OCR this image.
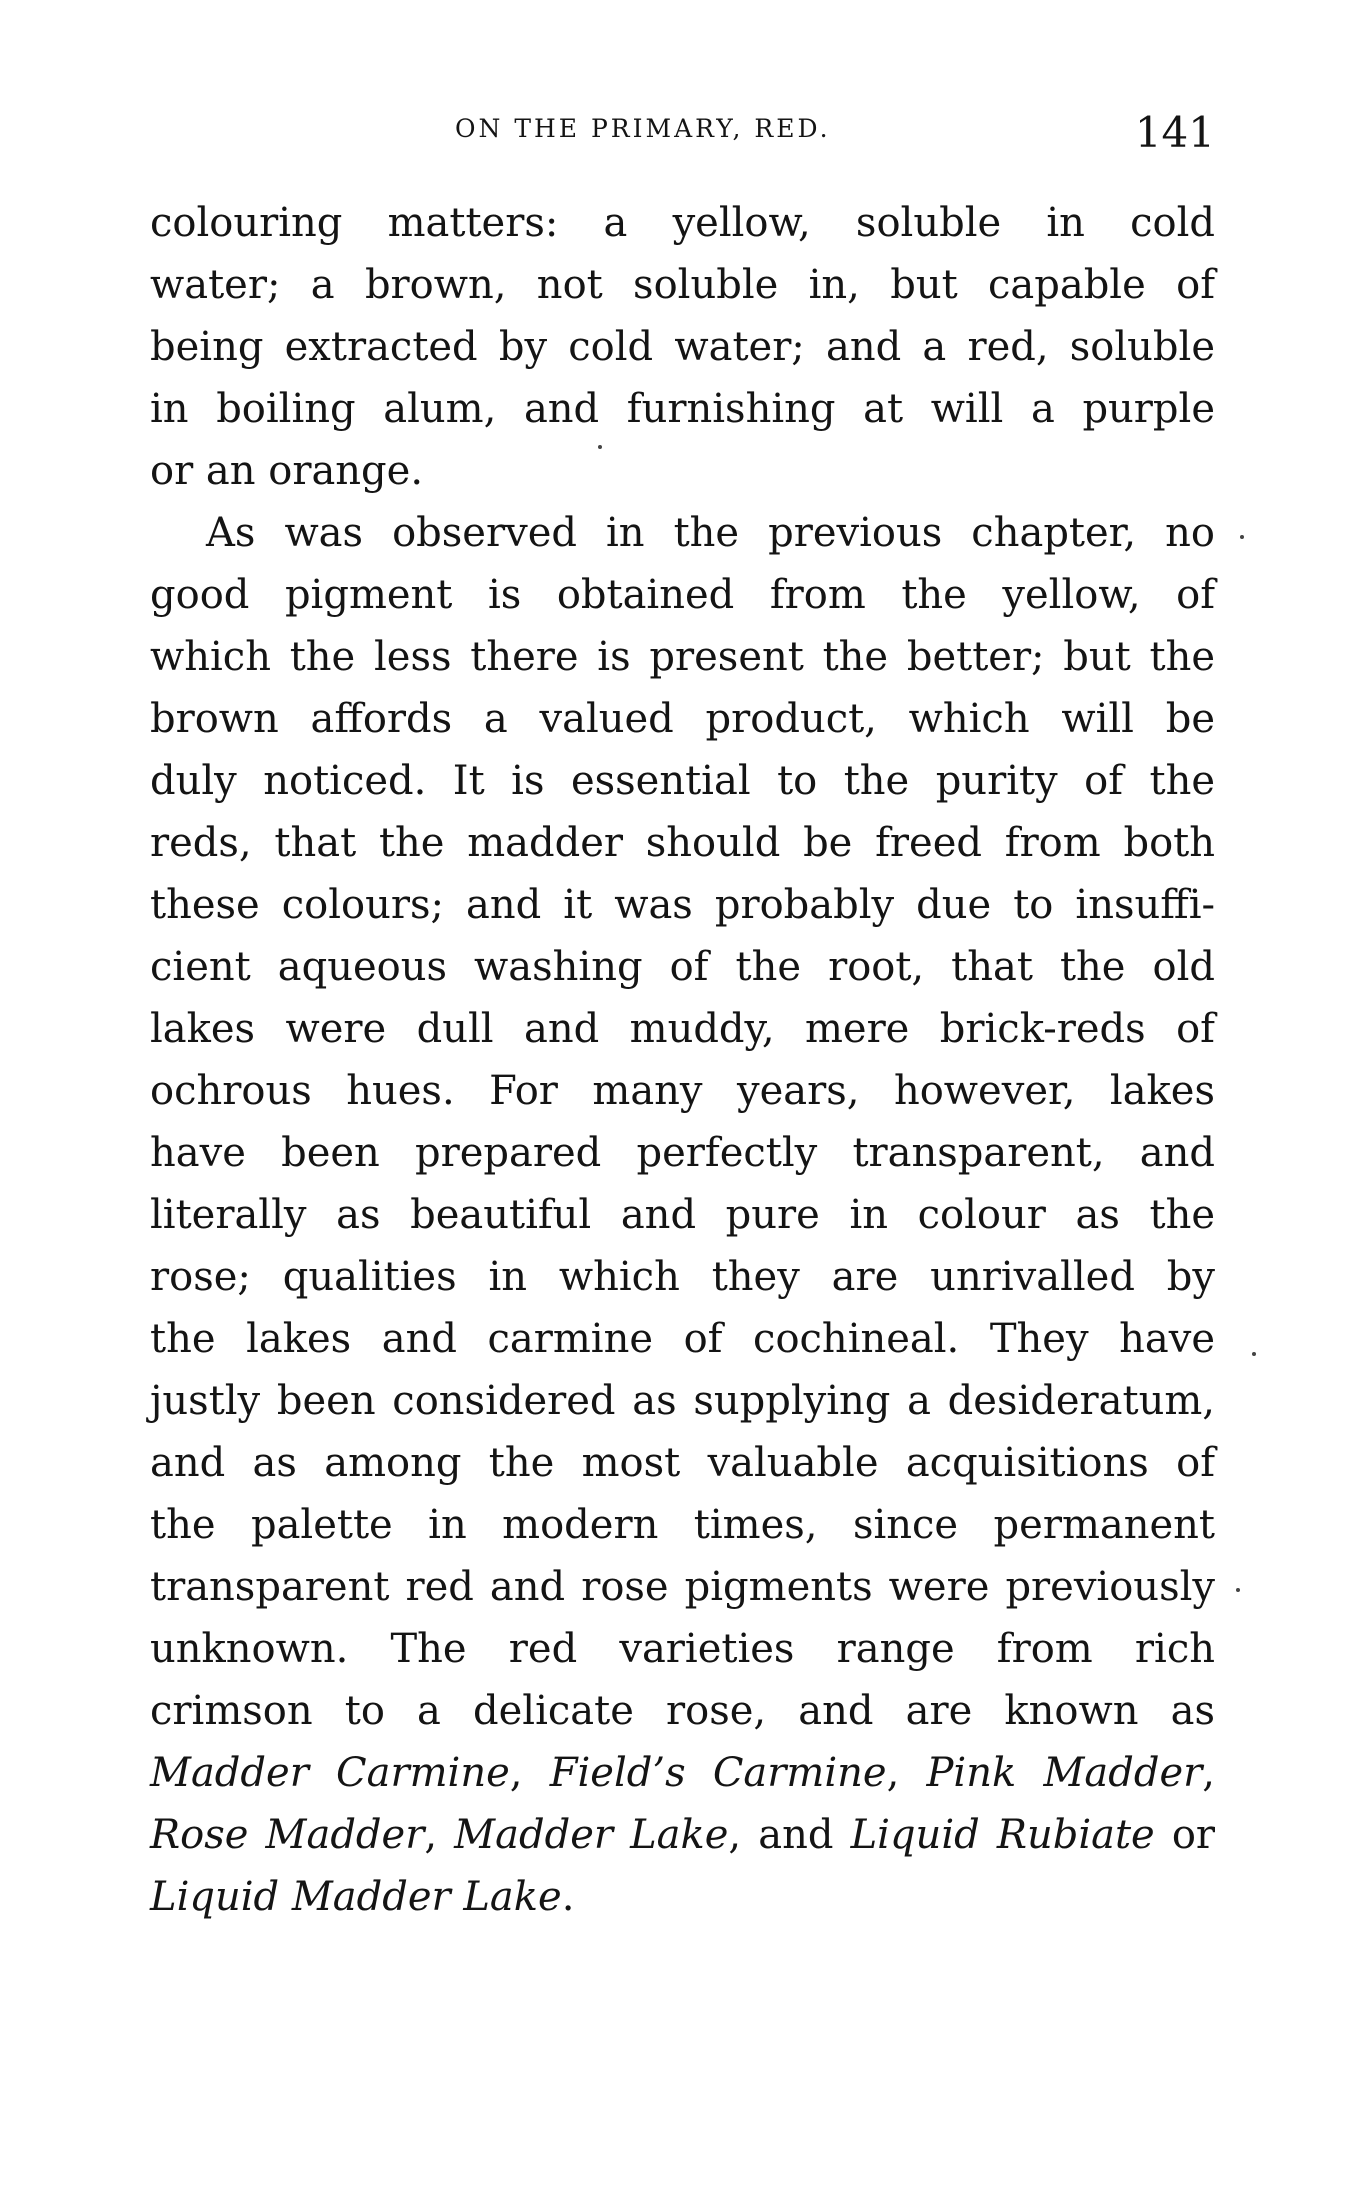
ON THE PRIMARY, RED.	141
colouring matters: a yellow, soluble in cold
water; a brown, not soluble in, but capable of
being extracted by cold water; and a red, soluble
in boiling alum, and furnishing at will a purple
or an orange.
As was observed in the previous chapter, no
good pigment is obtained from the yellow, of
which the less there is present the better; but the
brown affords a valued product, which will be
duly noticed. It is essential to the purity of the
reds, that the madder should be freed from both
these colours; and it was probably due to insuffi-
cient aqueous washing of the root, that the old
lakes were dull and muddy, mere brick-reds of
ochrous hues. For many years, however, lakes
have been prepared perfectly transparent, and
literally as beautiful and pure in colour as the
rose; qualities in which they are unrivalled by
the lakes and carmine of cochineal. They have
justly been considered as supplying a desideratum,
and as among the most valuable acquisitions of
the palette in modern times, since permanent
transparent red and rose pigments were previously
unknown. The red varieties range from rich
crimson to a delicate rose, and are known as
Madder Carmine, Field’s Carmine, Pink Madder,
Rose Madder, Madder Lake, and Liquid Rubiate or
Liquid Madder Lake.
